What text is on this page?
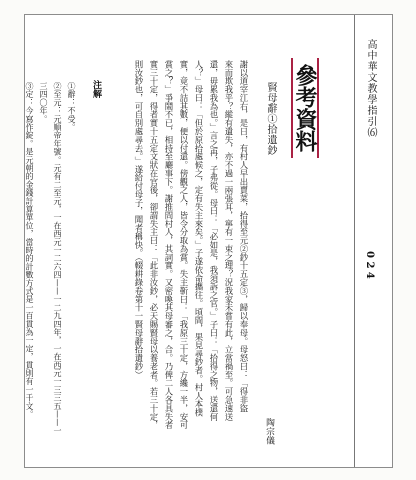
高中華文教學指引⑹
0 2 4
參考資料
賢母辭①拾遺鈔
陶宗儀
謝以道宰江右，是日，有村人早出賣菜，拾得至元②鈔十五定③，歸以奉母。母怒曰：「得非盜
來而欺我乎？縱有遺失，亦不過一兩張耳，寧有一束之理？況我家未嘗有此，立當禍至。可急速送
還，毋累我為也。」言之再，子弗從。母曰：「必如是，我須訴之官。」子曰：「拾得之物，送還何
人？」母曰：「但於原拾處候之，定有失主來矣。」子遂依命攜往。頃間，果見尋鈔者。村人本樸
實，竟不詰其數，便以付還。傍觀之人，皆令分取為賞。失主靳曰：「我原三十定，方纔一半，安可
賞之？」爭鬧不已，相持至廳事下。謝推問村人，其詞實。又密喚其母審之，合。乃俾二人各具失者
實三十定，得者實十五定文狀在官後，卻謂失主曰：「此非汝鈔，必天賜賢母以養老者。若三十定，
則汝鈔也，可自別處尋去。」遂給付母子，聞者稱快。（輟耕錄卷第十一賢母辭拾遺鈔）
注解
①辭：不受。
②至元：元順帝年號。元有二至元，一在西元一二六四——一二九四年，一在西元一三三五——一
三四〇年。
③定：今寫作錠。是元朝的金錢計算單位，當時的計數方式是一百貫為一定，貫則有一千文。
